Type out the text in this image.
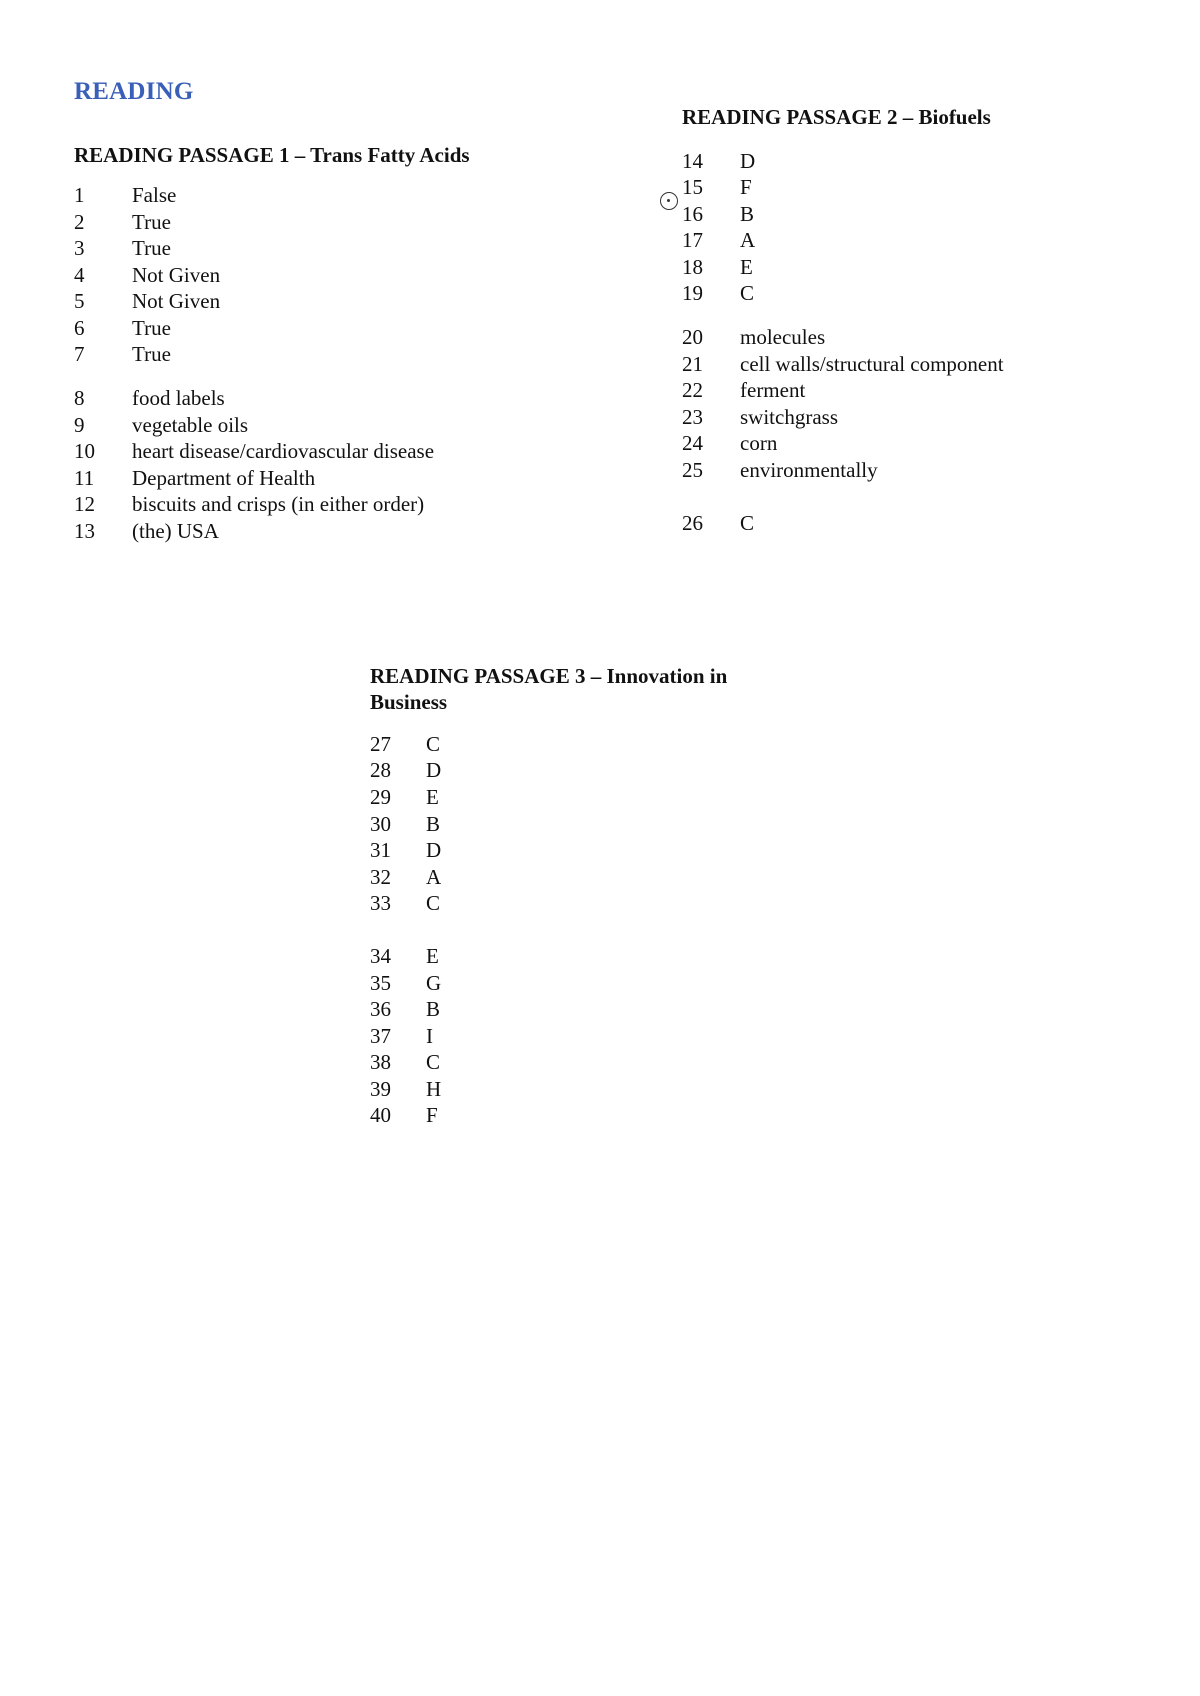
READING
READING PASSAGE 1 – Trans Fatty Acids
1 False
2 True
3 True
4 Not Given
5 Not Given
6 True
7 True
8 food labels
9 vegetable oils
10 heart disease/cardiovascular disease
11 Department of Health
12 biscuits and crisps (in either order)
13 (the) USA
READING PASSAGE 2 – Biofuels
14 D
15 F
16 B
17 A
18 E
19 C
20 molecules
21 cell walls/structural component
22 ferment
23 switchgrass
24 corn
25 environmentally
26 C
READING PASSAGE 3 – Innovation in
Business
27 C
28 D
29 E
30 B
31 D
32 A
33 C
34 E
35 G
36 B
37 I
38 C
39 H
40 F
